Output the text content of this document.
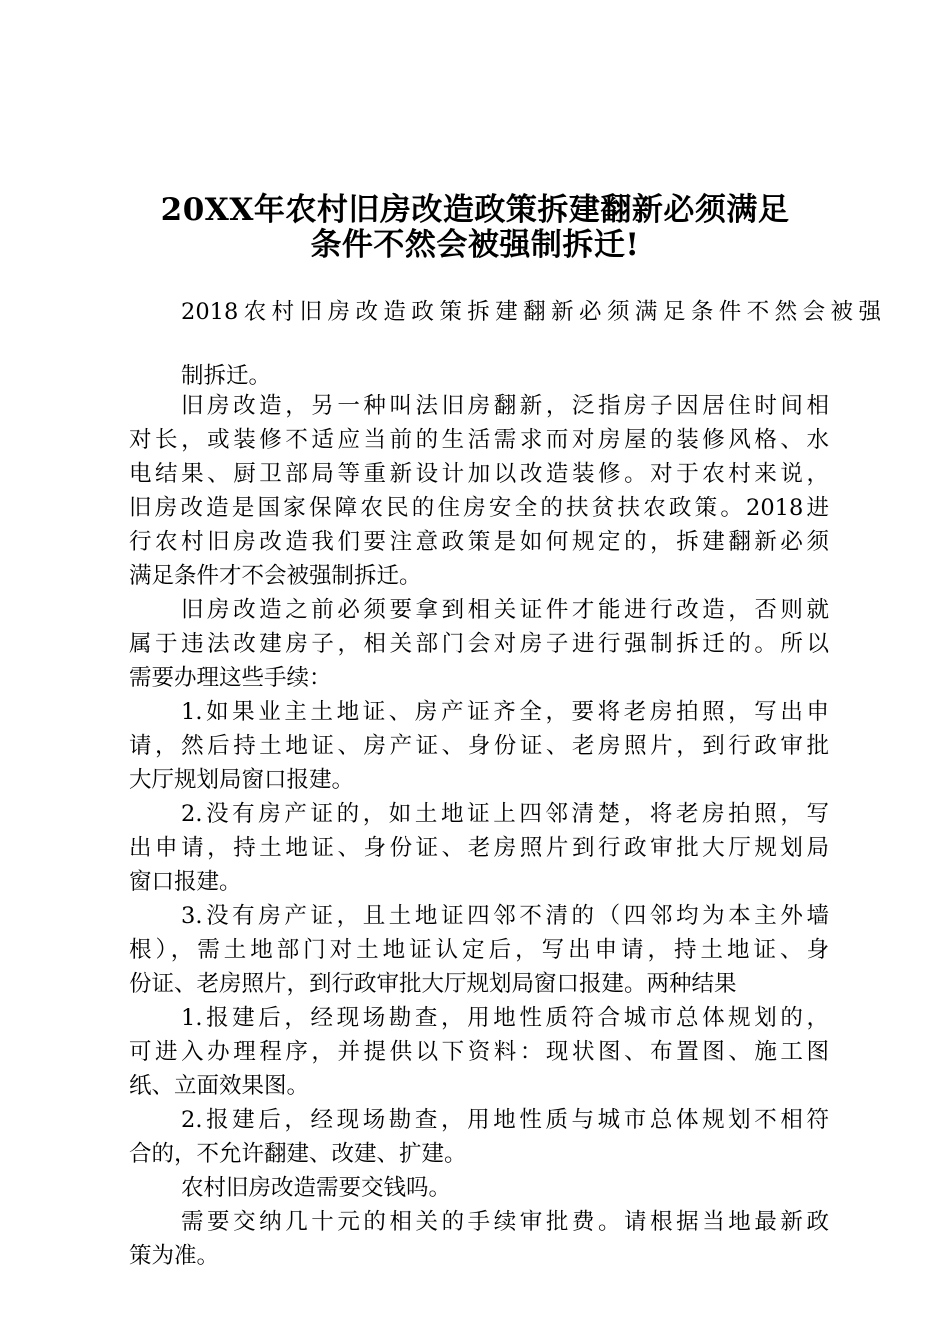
20XX年农村旧房改造政策拆建翻新必须满足
条件不然会被强制拆迁!
2018农村旧房改造政策拆建翻新必须满足条件不然会被强
制拆迁。
旧房改造，另一种叫法旧房翻新，泛指房子因居住时间相
对长，或装修不适应当前的生活需求而对房屋的装修风格、水
电结果、厨卫部局等重新设计加以改造装修。对于农村来说，
旧房改造是国家保障农民的住房安全的扶贫扶农政策。2018进
行农村旧房改造我们要注意政策是如何规定的，拆建翻新必须
满足条件才不会被强制拆迁。
旧房改造之前必须要拿到相关证件才能进行改造，否则就
属于违法改建房子，相关部门会对房子进行强制拆迁的。所以
需要办理这些手续：
1.如果业主土地证、房产证齐全，要将老房拍照，写出申
请，然后持土地证、房产证、身份证、老房照片，到行政审批
大厅规划局窗口报建。
2.没有房产证的，如土地证上四邻清楚，将老房拍照，写
出申请，持土地证、身份证、老房照片到行政审批大厅规划局
窗口报建。
3.没有房产证，且土地证四邻不清的（四邻均为本主外墙
根），需土地部门对土地证认定后，写出申请，持土地证、身
份证、老房照片，到行政审批大厅规划局窗口报建。两种结果
1.报建后，经现场勘查，用地性质符合城市总体规划的，
可进入办理程序，并提供以下资料：现状图、布置图、施工图
纸、立面效果图。
2.报建后，经现场勘查，用地性质与城市总体规划不相符
合的，不允许翻建、改建、扩建。
农村旧房改造需要交钱吗。
需要交纳几十元的相关的手续审批费。请根据当地最新政
策为准。
